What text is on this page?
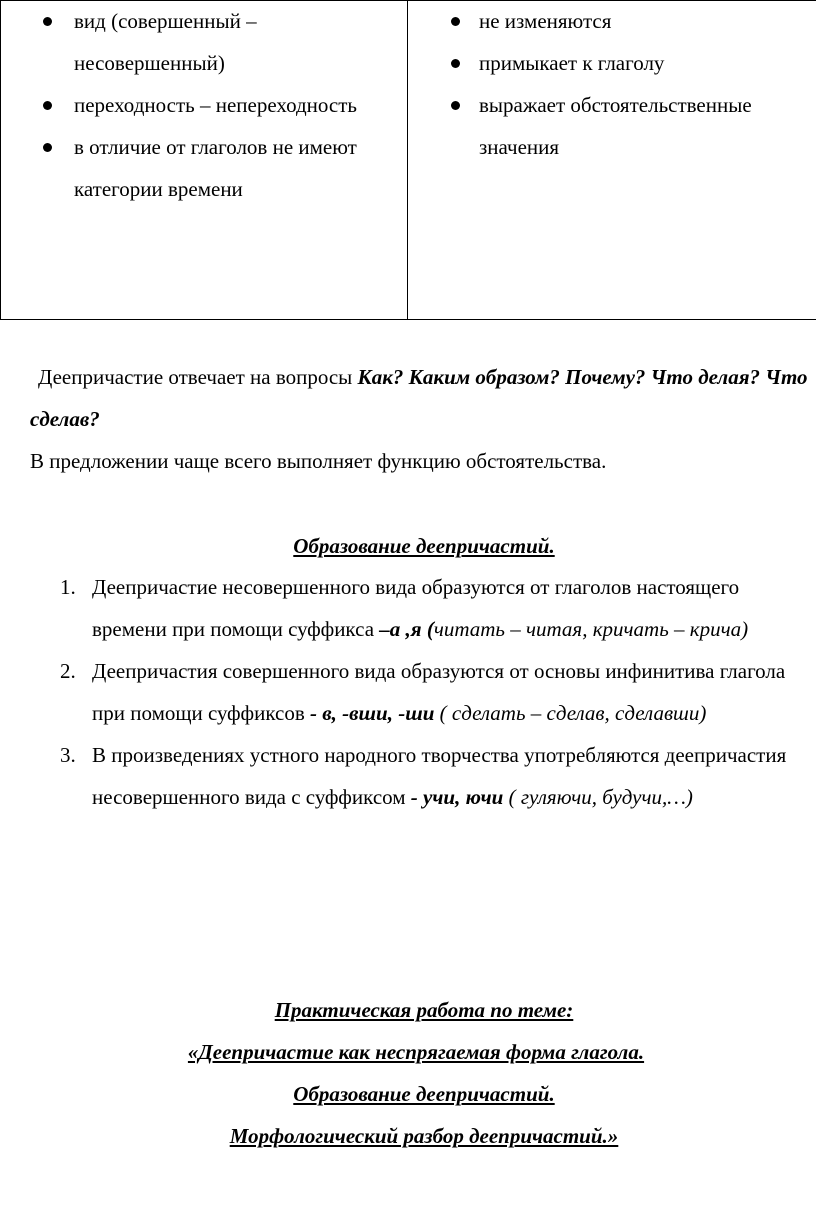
вид (совершенный – несовершенный)
переходность – непереходность
в отличие от глаголов не имеют категории времени

не изменяются
примыкает к глаголу
выражает обстоятельственные значения

Деепричастие отвечает на вопросы Как? Каким образом? Почему? Что делая? Что сделав?

В предложении чаще всего выполняет функцию обстоятельства.

Образование деепричастий.
1. Деепричастие несовершенного вида образуются от глаголов настоящего времени при помощи суффикса –а ,я (читать – читая, кричать – крича)
2. Деепричастия совершенного вида образуются от основы инфинитива глагола при помощи суффиксов - в, -вши, -ши ( сделать – сделав, сделавши)
3. В произведениях устного народного творчества употребляются деепричастия несовершенного вида с суффиксом - учи, ючи ( гуляючи, будучи,…)
Практическая работа по теме:
«Деепричастие как неспрягаемая форма глагола.
Образование деепричастий.
Морфологический разбор деепричастий.»
